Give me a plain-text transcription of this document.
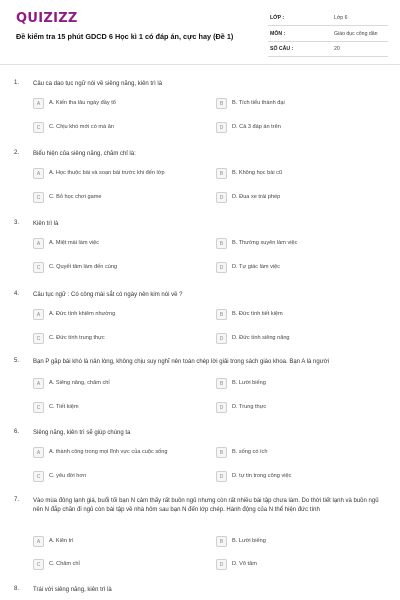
QUIZIZZ
Đề kiểm tra 15 phút GDCD 6 Học kì 1 có đáp án, cực hay (Đề 1)
LỚP :	Lớp 6
MÔN :	Giáo dục công dân
SỐ CÂU :	20
1. Câu ca dao tục ngữ nói về siêng năng, kiên trì là
A	A. Kiến tha lâu ngày đầy tổ	B	B. Tích tiểu thành đại
C	C. Chịu khó mới có mà ăn	D	D. Cả 3 đáp án trên
2. Biểu hiện của siêng năng, chăm chỉ là:
A	A. Học thuộc bài và soạn bài trước khi đến lớp	B	B. Không học bài cũ
C	C. Bỏ học chơi game	D	D. Đua xe trái phép
3. Kiên trì là
A	A. Miệt mài làm việc	B	B. Thường xuyên làm việc
C	C. Quyết tâm làm đến cùng	D	D. Tự giác làm việc
4. Câu tục ngữ : Có công mài sắt có ngày nên kim nói về ?
A	A. Đức tính khiêm nhường	B	B. Đức tính tiết kiệm
C	C. Đức tính trung thực	D	D. Đức tính siêng năng
5. Bạn P gặp bài khó là nản lòng, không chịu suy nghĩ nên toàn chép lời giải trong sách giáo khoa. Bạn A là người
A	A. Siêng năng, chăm chỉ	B	B. Lười biếng
C	C. Tiết kiệm	D	D. Trung thực
6. Siêng năng, kiên trì sẽ giúp chúng ta
A	A. thành công trong mọi lĩnh vực của cuộc sống	B	B. sống có ích
C	C. yêu đời hơn	D	D. tự tin trong công việc
7. Vào mùa đông lạnh giá, buổi tối bạn N cảm thấy rất buồn ngủ nhưng còn rất nhiều bài tập chưa làm. Do thời tiết lạnh và buồn ngủ nên N đắp chăn đi ngủ còn bài tập về nhà hôm sau bạn N đến lớp chép. Hành động của N thể hiện đức tính
A	A. Kiên trì	B	B. Lười biếng
C	C. Chăm chỉ	D	D. Vô tâm
8. Trái với siêng năng, kiên trì là
